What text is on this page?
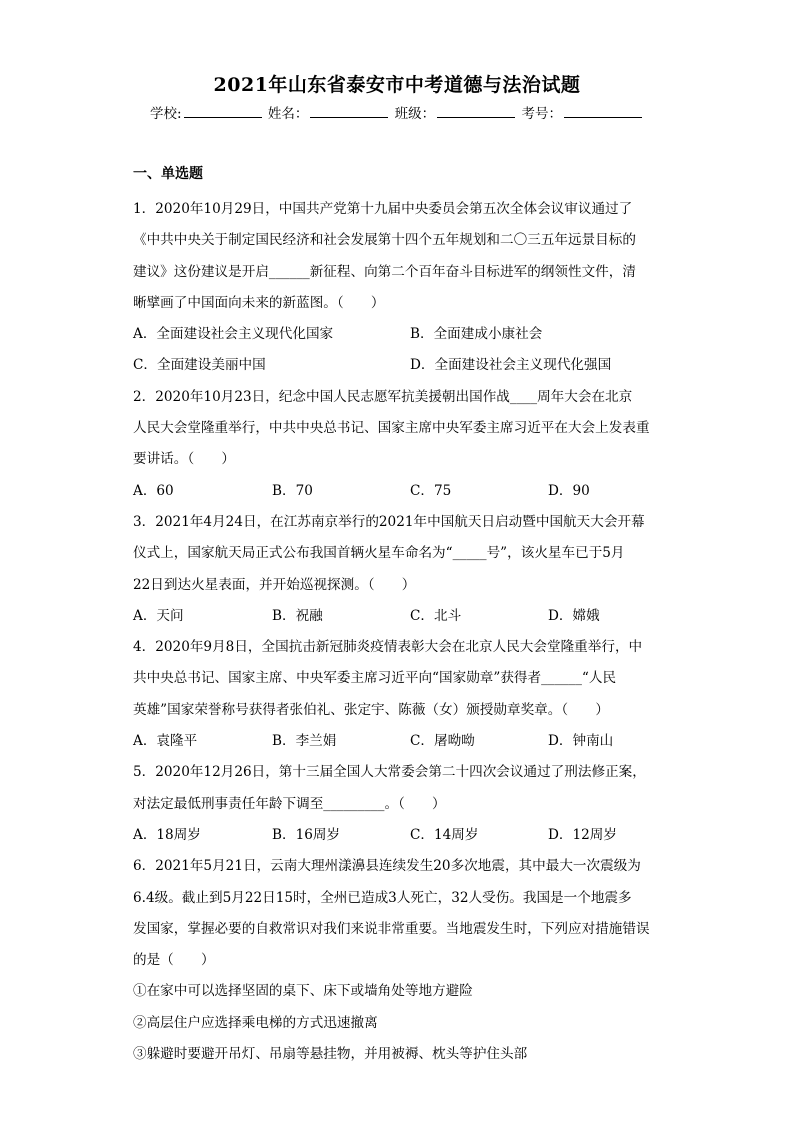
2021年山东省泰安市中考道德与法治试题
学校:	姓名：	班级：	考号：
一、单选题
1．2020年10月29日，中国共产党第十九届中央委员会第五次全体会议审议通过了
《中共中央关于制定国民经济和社会发展第十四个五年规划和二〇三五年远景目标的
建议》这份建议是开启______新征程、向第二个百年奋斗目标进军的纲领性文件，清
晰擘画了中国面向未来的新蓝图。（　　）
A．全面建设社会主义现代化国家	B．全面建成小康社会
C．全面建设美丽中国	D．全面建设社会主义现代化强国
2．2020年10月23日，纪念中国人民志愿军抗美援朝出国作战____周年大会在北京
人民大会堂隆重举行，中共中央总书记、国家主席中央军委主席习近平在大会上发表重
要讲话。（　　）
A．60	B．70	C．75	D．90
3．2021年4月24日，在江苏南京举行的2021年中国航天日启动暨中国航天大会开幕
仪式上，国家航天局正式公布我国首辆火星车命名为“_____号”，该火星车已于5月
22日到达火星表面，并开始巡视探测。（　　）
A．天问	B．祝融	C．北斗	D．嫦娥
4．2020年9月8日，全国抗击新冠肺炎疫情表彰大会在北京人民大会堂隆重举行，中
共中央总书记、国家主席、中央军委主席习近平向“国家勋章”获得者______“人民
英雄”国家荣誉称号获得者张伯礼、张定宇、陈薇（女）颁授勋章奖章。（　　）
A．袁隆平	B．李兰娟	C．屠呦呦	D．钟南山
5．2020年12月26日，第十三届全国人大常委会第二十四次会议通过了刑法修正案，
对法定最低刑事责任年龄下调至_________。（　　）
A．18周岁	B．16周岁	C．14周岁	D．12周岁
6．2021年5月21日，云南大理州漾濞县连续发生20多次地震，其中最大一次震级为
6.4级。截止到5月22日15时，全州已造成3人死亡，32人受伤。我国是一个地震多
发国家，掌握必要的自救常识对我们来说非常重要。当地震发生时，下列应对措施错误
的是（　　）
①在家中可以选择坚固的桌下、床下或墙角处等地方避险
②高层住户应选择乘电梯的方式迅速撤离
③躲避时要避开吊灯、吊扇等悬挂物，并用被褥、枕头等护住头部
